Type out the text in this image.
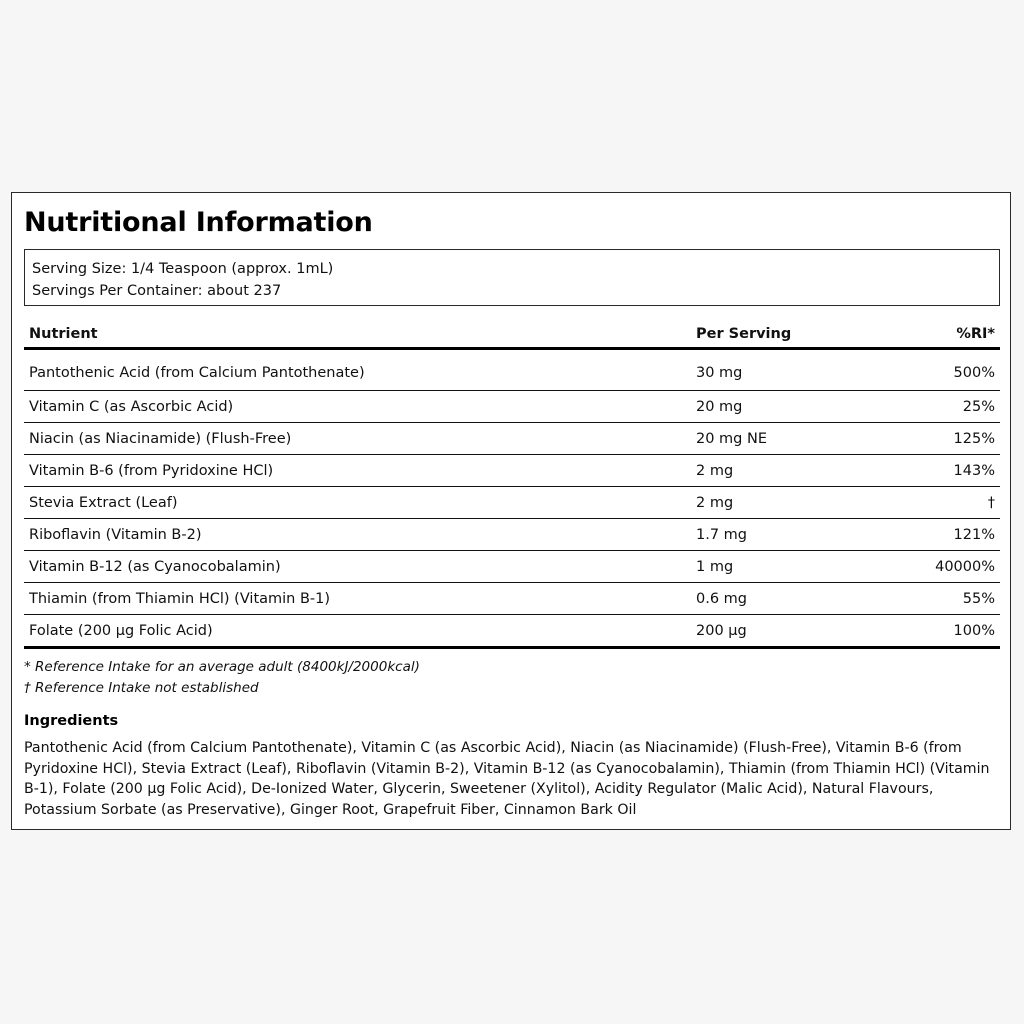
Nutritional Information
Serving Size: 1/4 Teaspoon (approx. 1mL)
Servings Per Container: about 237
Nutrient	Per Serving	%RI*
Pantothenic Acid (from Calcium Pantothenate)	30 mg	500%
Vitamin C (as Ascorbic Acid)	20 mg	25%
Niacin (as Niacinamide) (Flush-Free)	20 mg NE	125%
Vitamin B-6 (from Pyridoxine HCl)	2 mg	143%
Stevia Extract (Leaf)	2 mg	†
Riboflavin (Vitamin B-2)	1.7 mg	121%
Vitamin B-12 (as Cyanocobalamin)	1 mg	40000%
Thiamin (from Thiamin HCl) (Vitamin B-1)	0.6 mg	55%
Folate (200 µg Folic Acid)	200 µg	100%
* Reference Intake for an average adult (8400kJ/2000kcal)
† Reference Intake not established
Ingredients

Pantothenic Acid (from Calcium Pantothenate), Vitamin C (as Ascorbic Acid), Niacin (as Niacinamide) (Flush-Free), Vitamin B-6 (from Pyridoxine HCl), Stevia Extract (Leaf), Riboflavin (Vitamin B-2), Vitamin B-12 (as Cyanocobalamin), Thiamin (from Thiamin HCl) (Vitamin B-1), Folate (200 µg Folic Acid), De-Ionized Water, Glycerin, Sweetener (Xylitol), Acidity Regulator (Malic Acid), Natural Flavours, Potassium Sorbate (as Preservative), Ginger Root, Grapefruit Fiber, Cinnamon Bark Oil
